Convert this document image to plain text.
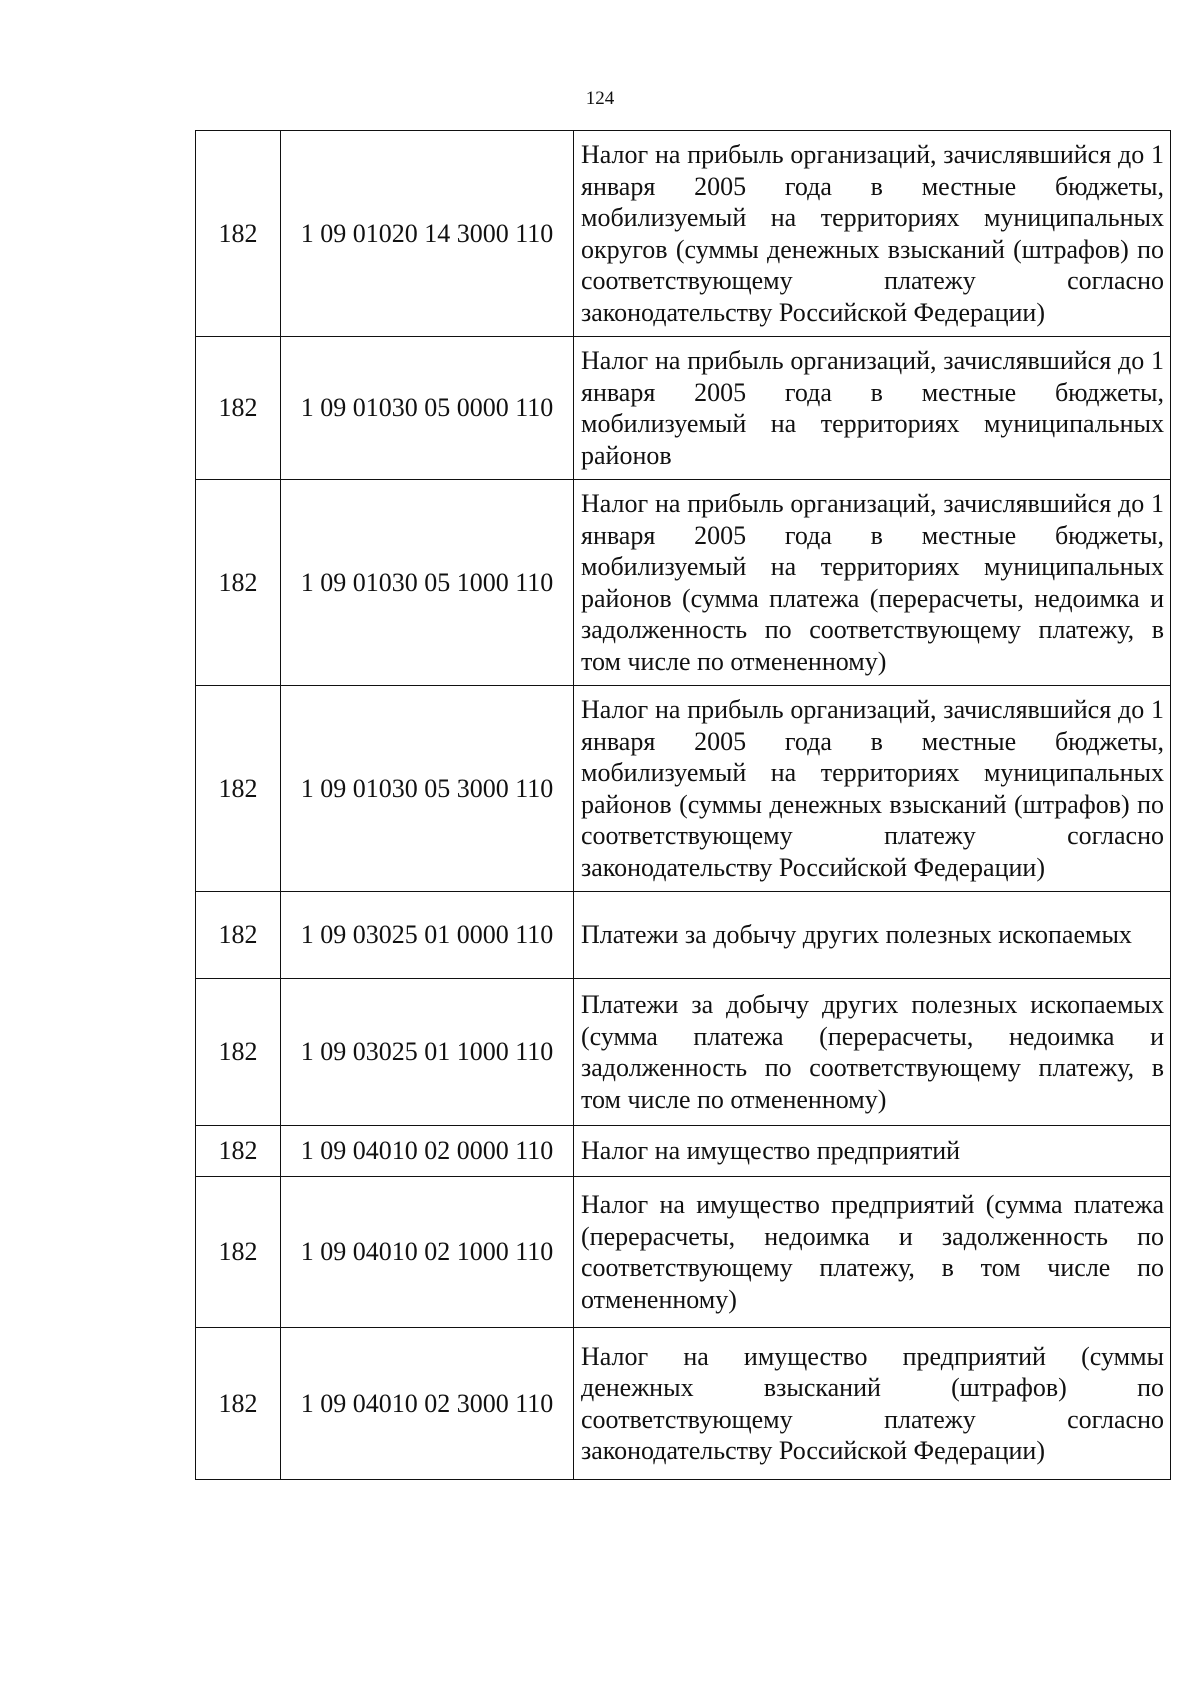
124
182	1 09 01020 14 3000 110	Налог на прибыль организаций, зачислявшийся до 1 января 2005 года в местные бюджеты, мобилизуемый на территориях муниципальных округов (суммы денежных взысканий (штрафов) по соответствующему платежу согласно законодательству Российской Федерации)
182	1 09 01030 05 0000 110	Налог на прибыль организаций, зачислявшийся до 1 января 2005 года в местные бюджеты, мобилизуемый на территориях муниципальных районов
182	1 09 01030 05 1000 110	Налог на прибыль организаций, зачислявшийся до 1 января 2005 года в местные бюджеты, мобилизуемый на территориях муниципальных районов (сумма платежа (перерасчеты, недоимка и задолженность по соответствующему платежу, в том числе по отмененному)
182	1 09 01030 05 3000 110	Налог на прибыль организаций, зачислявшийся до 1 января 2005 года в местные бюджеты, мобилизуемый на территориях муниципальных районов (суммы денежных взысканий (штрафов) по соответствующему платежу согласно законодательству Российской Федерации)
182	1 09 03025 01 0000 110	Платежи за добычу других полезных ископаемых
182	1 09 03025 01 1000 110	Платежи за добычу других полезных ископаемых (сумма платежа (перерасчеты, недоимка и задолженность по соответствующему платежу, в том числе по отмененному)
182	1 09 04010 02 0000 110	Налог на имущество предприятий
182	1 09 04010 02 1000 110	Налог на имущество предприятий (сумма платежа (перерасчеты, недоимка и задолженность по соответствующему платежу, в том числе по отмененному)
182	1 09 04010 02 3000 110	Налог на имущество предприятий (суммы денежных взысканий (штрафов) по соответствующему платежу согласно законодательству Российской Федерации)
